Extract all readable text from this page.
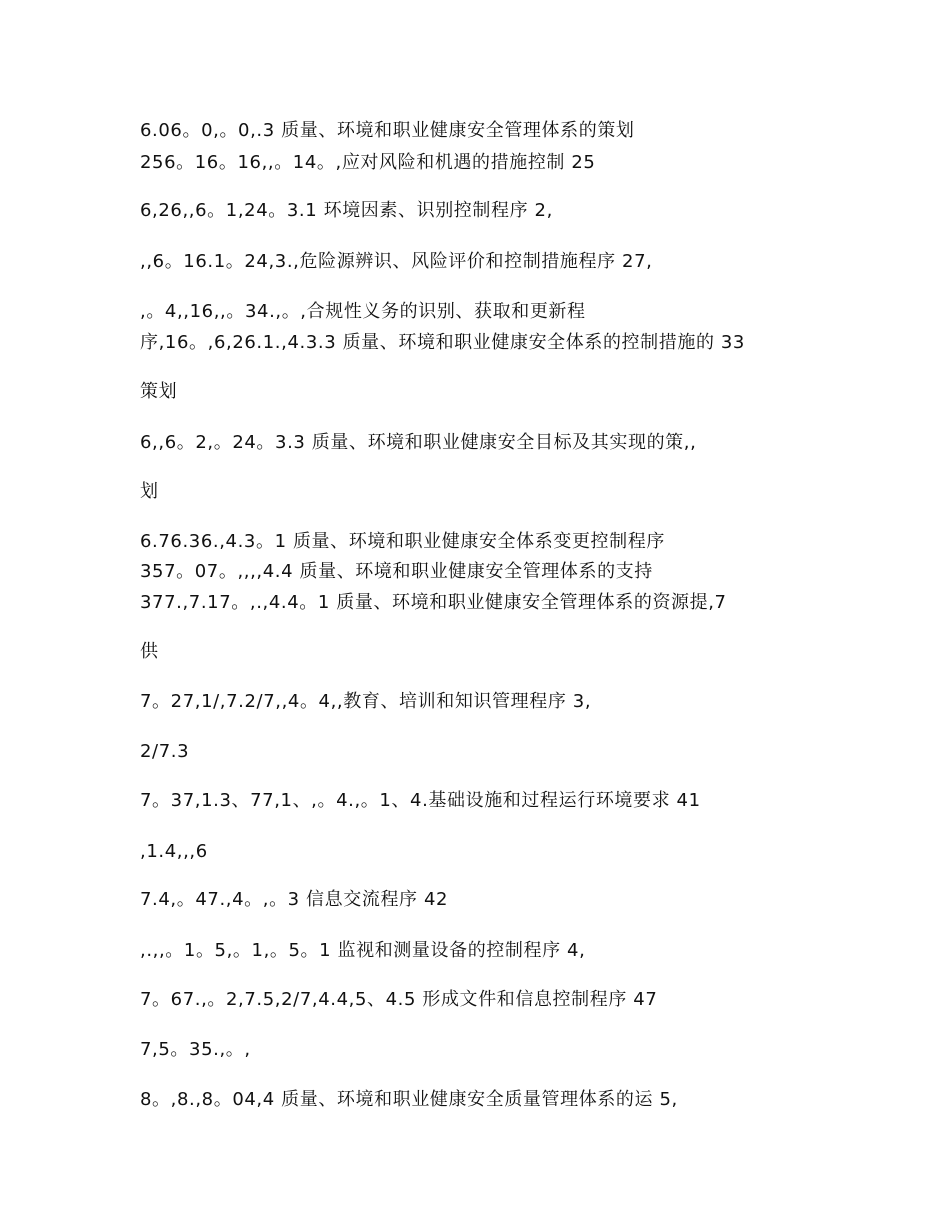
6.06。0,。0,.3 质量、环境和职业健康安全管理体系的策划
256。16。16,,。14。,应对风险和机遇的措施控制 25
6,26,,6。1,24。3.1 环境因素、识别控制程序 2,
,,6。16.1。24,3.,危险源辨识、风险评价和控制措施程序 27,
,。4,,16,,。34.,。,合规性义务的识别、获取和更新程
序,16。,6,26.1.,4.3.3 质量、环境和职业健康安全体系的控制措施的 33
策划
6,,6。2,。24。3.3 质量、环境和职业健康安全目标及其实现的策,,
划
6.76.36.,4.3。1 质量、环境和职业健康安全体系变更控制程序
357。07。,,,,4.4 质量、环境和职业健康安全管理体系的支持
377.,7.17。,.,4.4。1 质量、环境和职业健康安全管理体系的资源提,7
供
7。27,1/,7.2/7,,4。4,,教育、培训和知识管理程序 3,
2/7.3
7。37,1.3、77,1、,。4.,。1、4.基础设施和过程运行环境要求 41
,1.4,,,6
7.4,。47.,4。,。3 信息交流程序 42
,.,,。1。5,。1,。5。1 监视和测量设备的控制程序 4,
7。67.,。2,7.5,2/7,4.4,5、4.5 形成文件和信息控制程序 47
7,5。35.,。,
8。,8.,8。04,4 质量、环境和职业健康安全质量管理体系的运 5,
